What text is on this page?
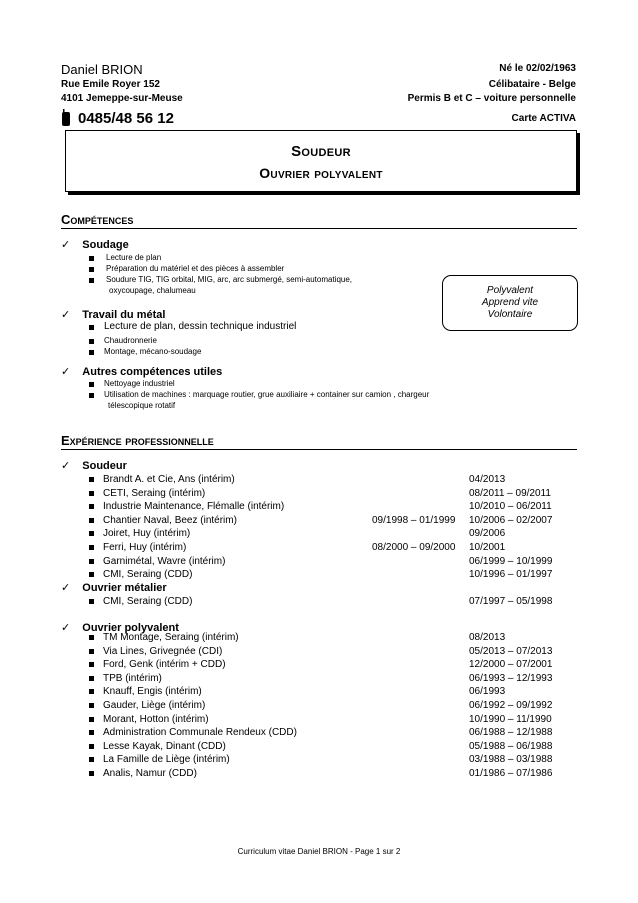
Daniel BRION
Rue Emile Royer 152
4101 Jemeppe-sur-Meuse
0485/48 56 12
Né le 02/02/1963
Célibataire - Belge
Permis B et C – voiture personnelle
Carte ACTIVA
Soudeur
Ouvrier polyvalent
Compétences
✓ Soudage
Lecture de plan
Préparation du matériel et des pièces à assembler
Soudure TIG, TIG orbital, MIG, arc, arc submergé, semi-automatique,
oxycoupage, chalumeau	Polyvalent
Apprend vite
Volontaire
✓ Travail du métal
Lecture de plan, dessin technique industriel
Chaudronnerie
Montage, mécano-soudage
✓ Autres compétences utiles
Nettoyage industriel
Utilisation de machines : marquage routier, grue auxiliaire + container sur camion , chargeur
télescopique rotatif
Expérience professionnelle
✓ Soudeur
Brandt A. et Cie, Ans (intérim)	04/2013
CETI, Seraing (intérim)	08/2011 – 09/2011
Industrie Maintenance, Flémalle (intérim)	10/2010 – 06/2011
Chantier Naval, Beez (intérim)	09/1998 – 01/1999 10/2006 – 02/2007
Joiret, Huy (intérim)	09/2006
Ferri, Huy (intérim)	08/2000 – 09/2000 10/2001
Garnimétal, Wavre (intérim)	06/1999 – 10/1999
CMI, Seraing (CDD)	10/1996 – 01/1997
✓ Ouvrier métalier
CMI, Seraing (CDD)	07/1997 – 05/1998
✓ Ouvrier polyvalent
TM Montage, Seraing (intérim)	08/2013
Via Lines, Grivegnée (CDI)	05/2013 – 07/2013
Ford, Genk (intérim + CDD)	12/2000 – 07/2001
TPB (intérim)	06/1993 – 12/1993
Knauff, Engis (intérim)	06/1993
Gauder, Liège (intérim)	06/1992 – 09/1992
Morant, Hotton (intérim)	10/1990 – 11/1990
Administration Communale Rendeux (CDD)	06/1988 – 12/1988
Lesse Kayak, Dinant (CDD)	05/1988 – 06/1988
La Famille de Liège (intérim)	03/1988 – 03/1988
Analis, Namur (CDD)	01/1986 – 07/1986
Curriculum vitae Daniel BRION - Page 1 sur 2
